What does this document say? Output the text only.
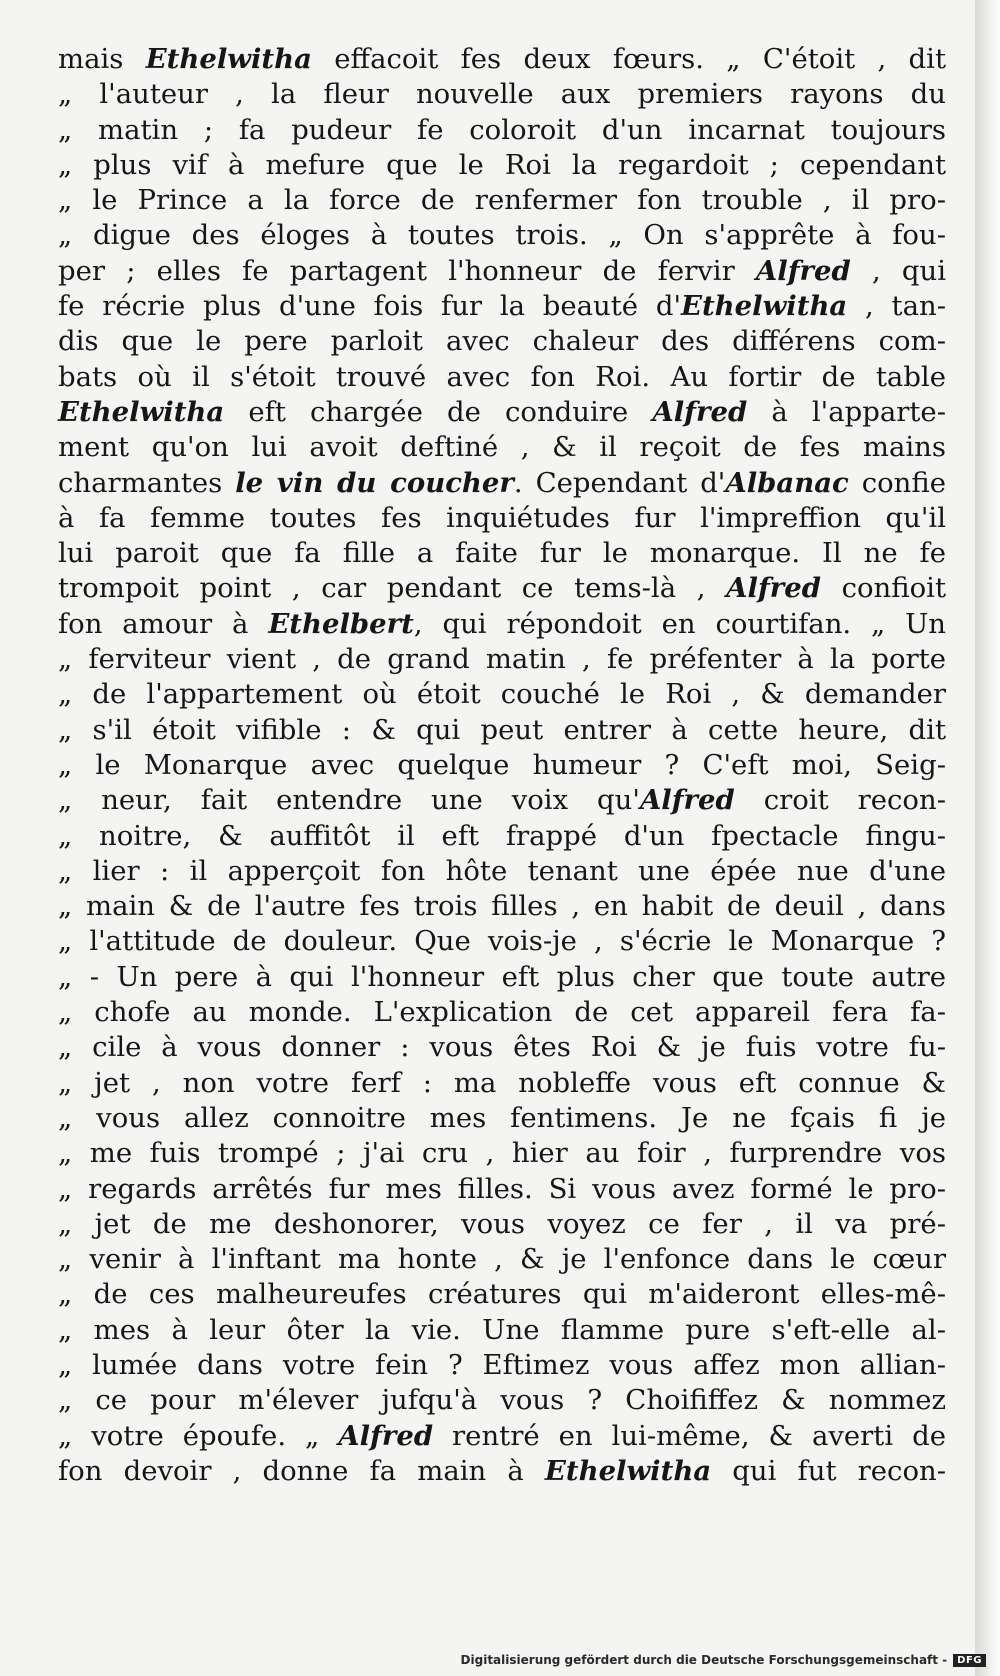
mais Ethelwitha effacoit fes deux fœurs. „ C'étoit , dit
„ l'auteur , la fleur nouvelle aux premiers rayons du
„ matin ; fa pudeur fe coloroit d'un incarnat toujours
„ plus vif à mefure que le Roi la regardoit ; cependant
„ le Prince a la force de renfermer fon trouble , il pro-
„ digue des éloges à toutes trois. „ On s'apprête à fou-
per ; elles fe partagent l'honneur de fervir Alfred , qui
fe récrie plus d'une fois fur la beauté d'Ethelwitha , tan-
dis que le pere parloit avec chaleur des différens com-
bats où il s'étoit trouvé avec fon Roi. Au fortir de table
Ethelwitha eft chargée de conduire Alfred à l'apparte-
ment qu'on lui avoit deftiné , & il reçoit de fes mains
charmantes le vin du coucher. Cependant d'Albanac confie
à fa femme toutes fes inquiétudes fur l'impreffion qu'il
lui paroit que fa fille a faite fur le monarque. Il ne fe
trompoit point , car pendant ce tems-là , Alfred confioit
fon amour à Ethelbert, qui répondoit en courtifan. „ Un
„ ferviteur vient , de grand matin , fe préfenter à la porte
„ de l'appartement où étoit couché le Roi , & demander
„ s'il étoit vifible : & qui peut entrer à cette heure, dit
„ le Monarque avec quelque humeur ? C'eft moi, Seig-
„ neur, fait entendre une voix qu'Alfred croit recon-
„ noitre, & auffitôt il eft frappé d'un fpectacle fingu-
„ lier : il apperçoit fon hôte tenant une épée nue d'une
„ main & de l'autre fes trois filles , en habit de deuil , dans
„ l'attitude de douleur. Que vois-je , s'écrie le Monarque ?
„ - Un pere à qui l'honneur eft plus cher que toute autre
„ chofe au monde. L'explication de cet appareil fera fa-
„ cile à vous donner : vous êtes Roi & je fuis votre fu-
„ jet , non votre ferf : ma nobleffe vous eft connue &
„ vous allez connoitre mes fentimens. Je ne fçais fi je
„ me fuis trompé ; j'ai cru , hier au foir , furprendre vos
„ regards arrêtés fur mes filles. Si vous avez formé le pro-
„ jet de me deshonorer, vous voyez ce fer , il va pré-
„ venir à l'inftant ma honte , & je l'enfonce dans le cœur
„ de ces malheureufes créatures qui m'aideront elles-mê-
„ mes à leur ôter la vie. Une flamme pure s'eft-elle al-
„ lumée dans votre fein ? Eftimez vous affez mon allian-
„ ce pour m'élever jufqu'à vous ? Choififfez & nommez
„ votre époufe. „ Alfred rentré en lui-même, & averti de
fon devoir , donne fa main à Ethelwitha qui fut recon-
Digitalisierung gefördert durch die Deutsche Forschungsgemeinschaft -	DFG
